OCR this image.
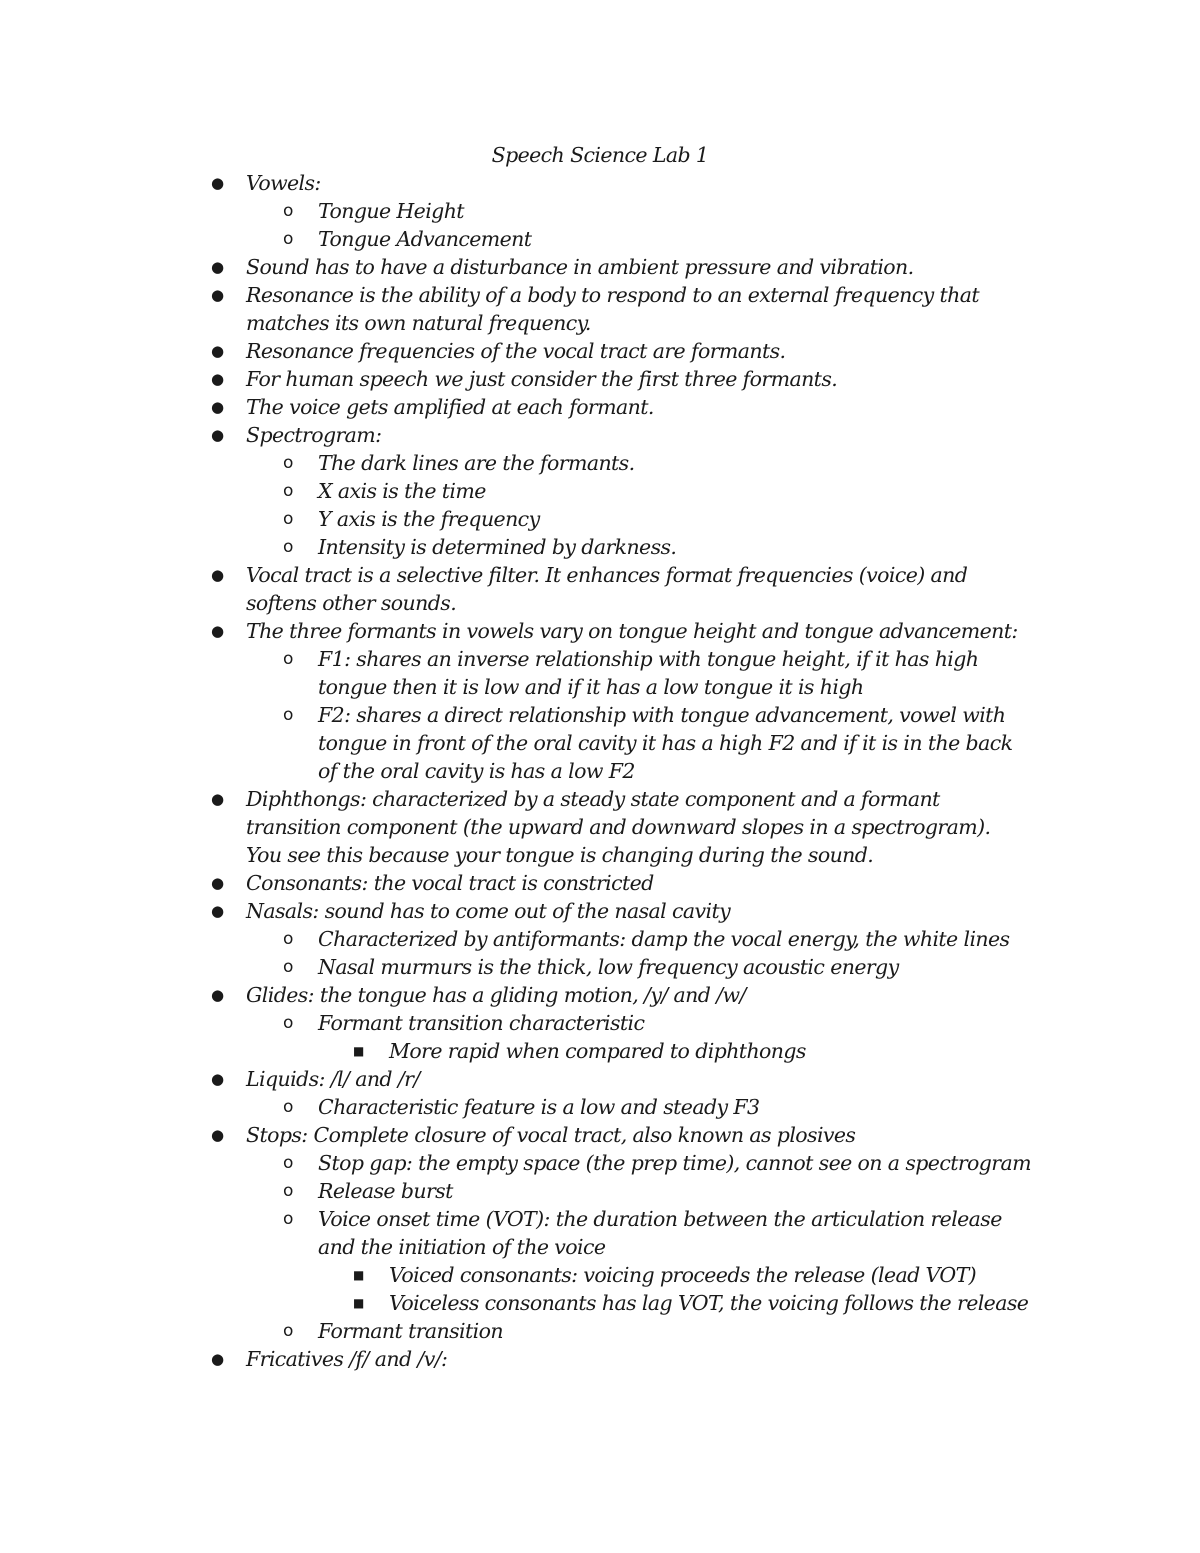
Speech Science Lab 1
● Vowels:
o Tongue Height
o Tongue Advancement
● Sound has to have a disturbance in ambient pressure and vibration.
● Resonance is the ability of a body to respond to an external frequency that
matches its own natural frequency.
● Resonance frequencies of the vocal tract are formants.
● For human speech we just consider the first three formants.
● The voice gets amplified at each formant.
● Spectrogram:
o The dark lines are the formants.
o X axis is the time
o Y axis is the frequency
o Intensity is determined by darkness.
● Vocal tract is a selective filter. It enhances format frequencies (voice) and
softens other sounds.
● The three formants in vowels vary on tongue height and tongue advancement:
o F1: shares an inverse relationship with tongue height, if it has high
tongue then it is low and if it has a low tongue it is high
o F2: shares a direct relationship with tongue advancement, vowel with
tongue in front of the oral cavity it has a high F2 and if it is in the back
of the oral cavity is has a low F2
● Diphthongs: characterized by a steady state component and a formant
transition component (the upward and downward slopes in a spectrogram).
You see this because your tongue is changing during the sound.
● Consonants: the vocal tract is constricted
● Nasals: sound has to come out of the nasal cavity
o Characterized by antiformants: damp the vocal energy, the white lines
o Nasal murmurs is the thick, low frequency acoustic energy
● Glides: the tongue has a gliding motion, /y/ and /w/
o Formant transition characteristic
■ More rapid when compared to diphthongs
● Liquids: /l/ and /r/
o Characteristic feature is a low and steady F3
● Stops: Complete closure of vocal tract, also known as plosives
o Stop gap: the empty space (the prep time), cannot see on a spectrogram
o Release burst
o Voice onset time (VOT): the duration between the articulation release
and the initiation of the voice
■ Voiced consonants: voicing proceeds the release (lead VOT)
■ Voiceless consonants has lag VOT, the voicing follows the release
o Formant transition
● Fricatives /f/ and /v/:
